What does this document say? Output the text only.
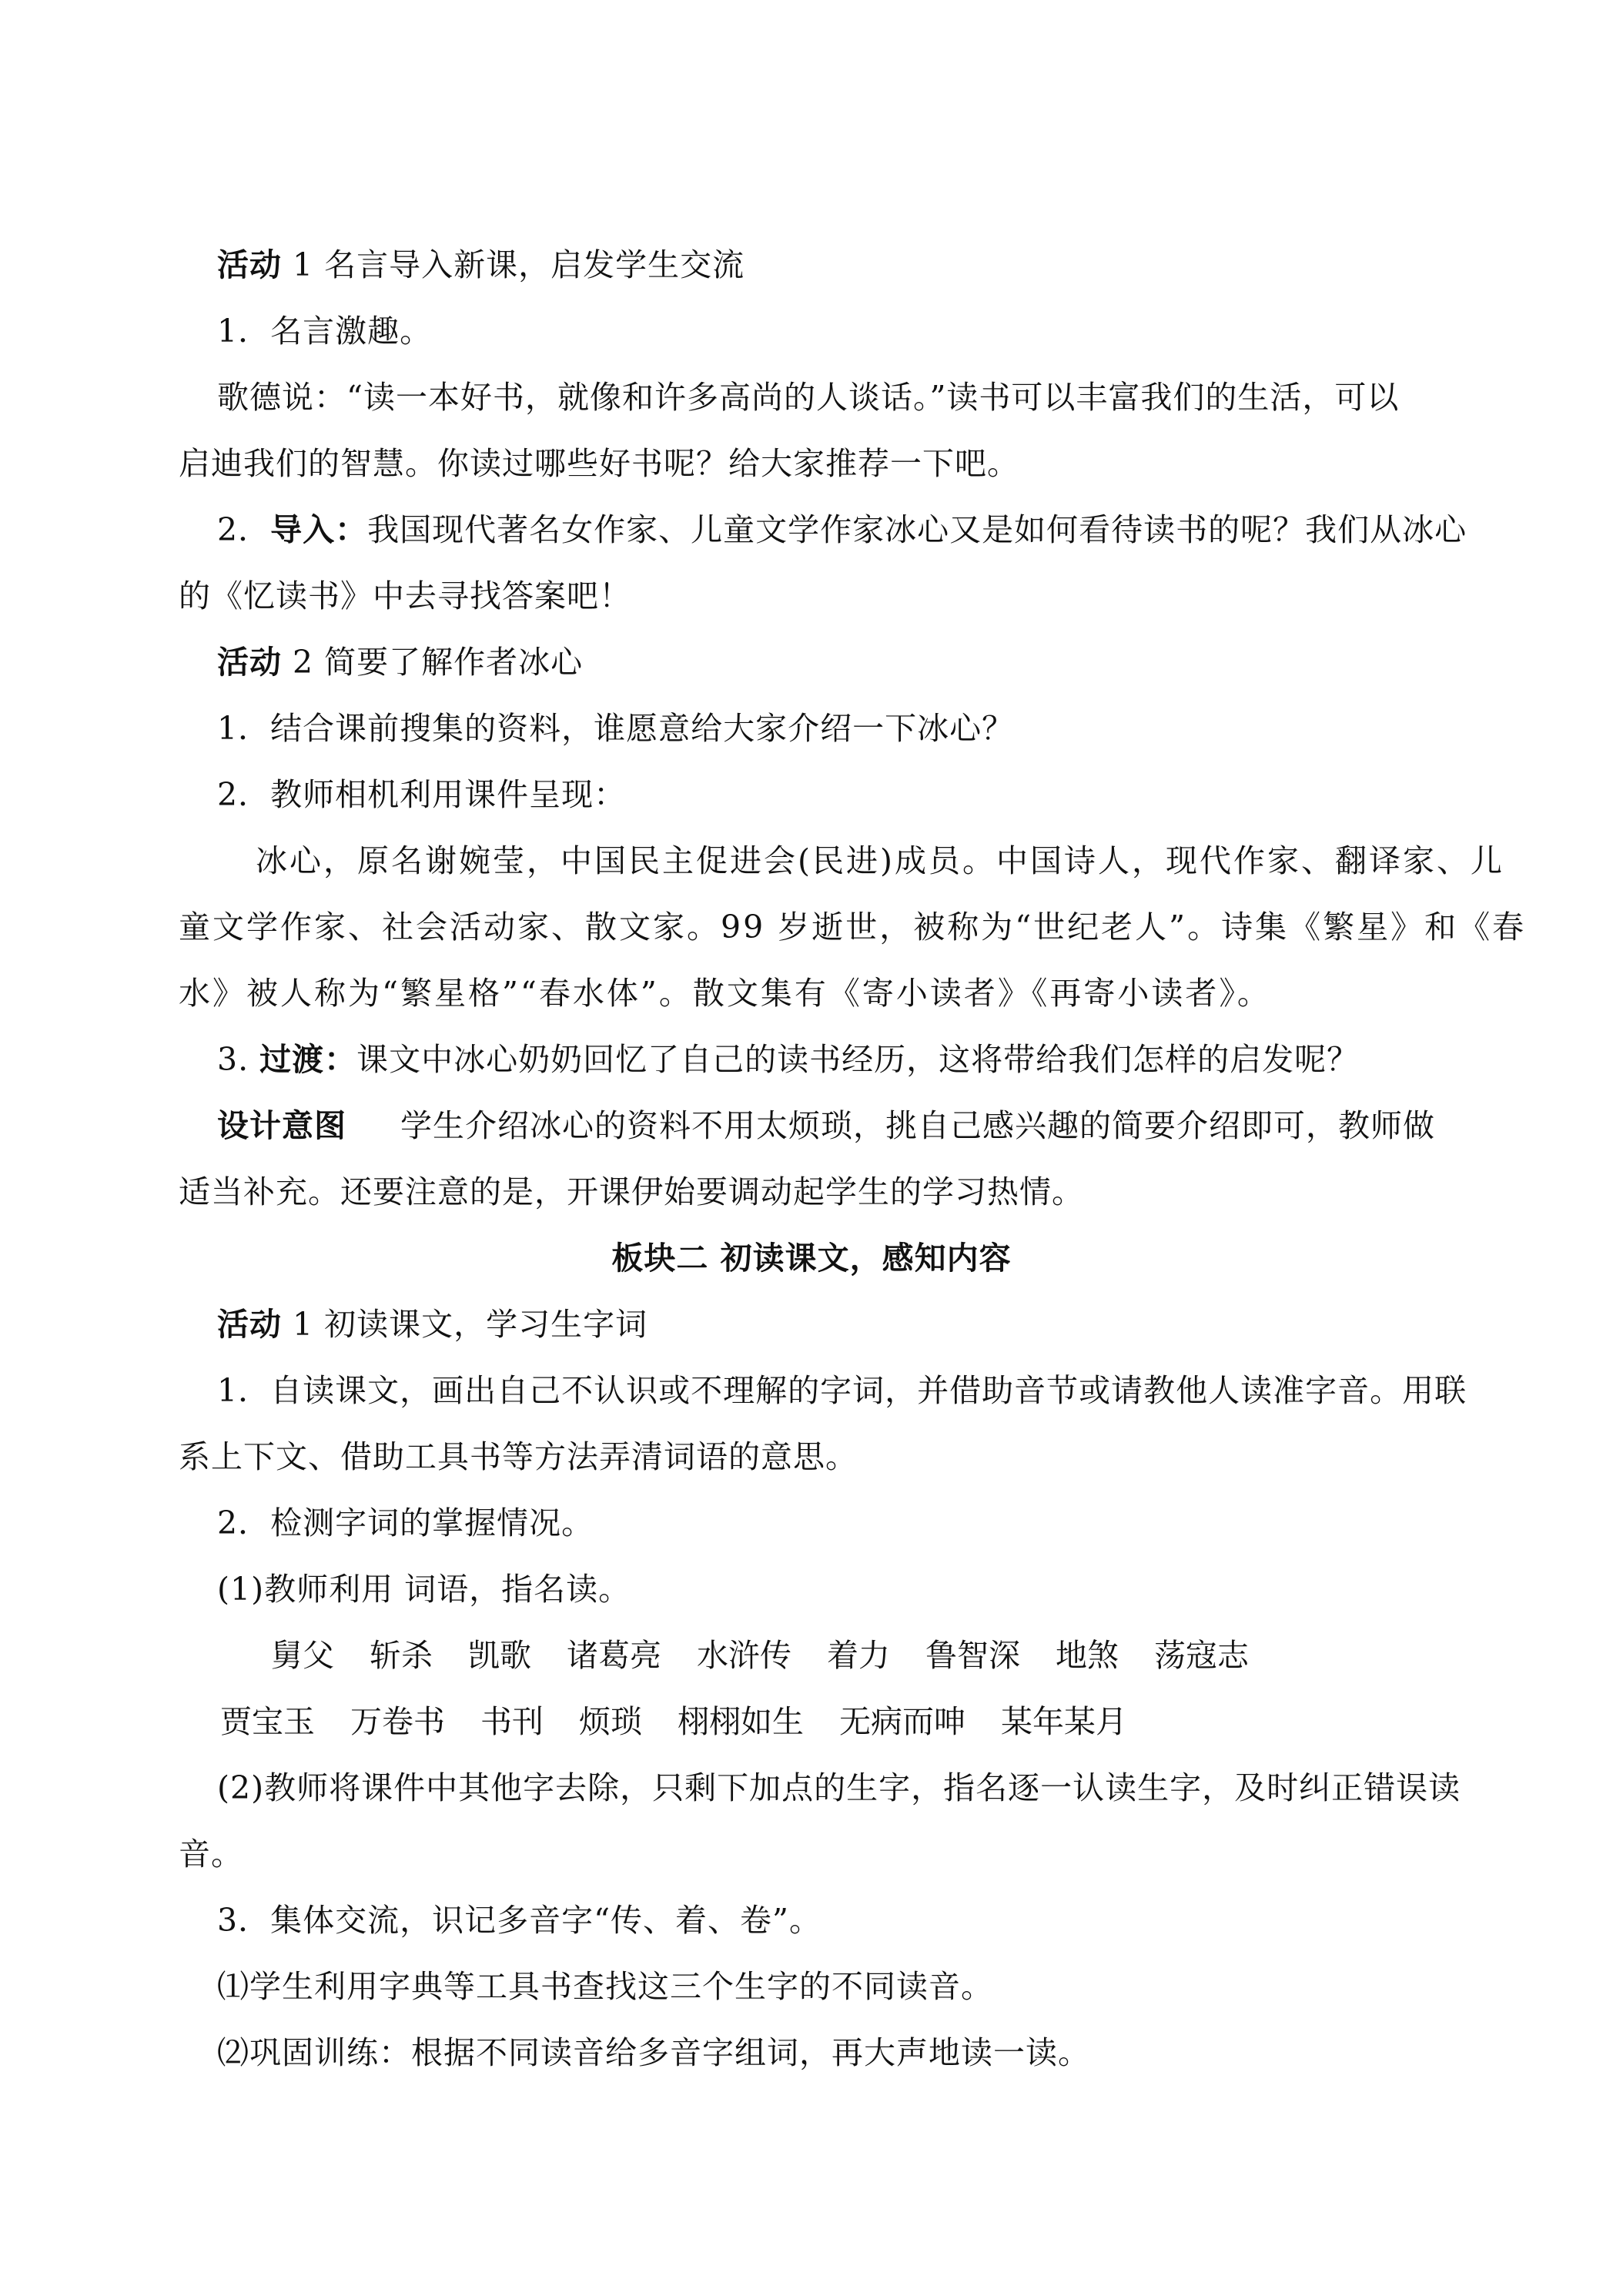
活动 1 名言导入新课，启发学生交流
1．名言激趣。
歌德说：“读一本好书，就像和许多高尚的人谈话。”读书可以丰富我们的生活，可以
启迪我们的智慧。你读过哪些好书呢？给大家推荐一下吧。
2．导入：我国现代著名女作家、儿童文学作家冰心又是如何看待读书的呢？我们从冰心
的《忆读书》中去寻找答案吧！
活动 2 简要了解作者冰心
1．结合课前搜集的资料，谁愿意给大家介绍一下冰心？
2．教师相机利用课件呈现：
冰心，原名谢婉莹，中国民主促进会(民进)成员。中国诗人，现代作家、翻译家、儿
童文学作家、社会活动家、散文家。99 岁逝世，被称为“世纪老人”。诗集《繁星》和《春
水》被人称为“繁星格”“春水体”。散文集有《寄小读者》《再寄小读者》。
3. 过渡：课文中冰心奶奶回忆了自己的读书经历，这将带给我们怎样的启发呢？
设计意图 学生介绍冰心的资料不用太烦琐，挑自己感兴趣的简要介绍即可，教师做
适当补充。还要注意的是，开课伊始要调动起学生的学习热情。
板块二 初读课文，感知内容
活动 1 初读课文，学习生字词
1．自读课文，画出自己不认识或不理解的字词，并借助音节或请教他人读准字音。用联
系上下文、借助工具书等方法弄清词语的意思。
2．检测字词的掌握情况。
(1)教师利用 词语，指名读。
舅父 斩杀 凯歌 诸葛亮 水浒传 着力 鲁智深 地煞 荡寇志
贾宝玉 万卷书 书刊 烦琐 栩栩如生 无病而呻 某年某月
(2)教师将课件中其他字去除，只剩下加点的生字，指名逐一认读生字，及时纠正错误读
音。
3．集体交流，识记多音字“传、着、卷”。
⑴学生利用字典等工具书查找这三个生字的不同读音。
⑵巩固训练：根据不同读音给多音字组词，再大声地读一读。
